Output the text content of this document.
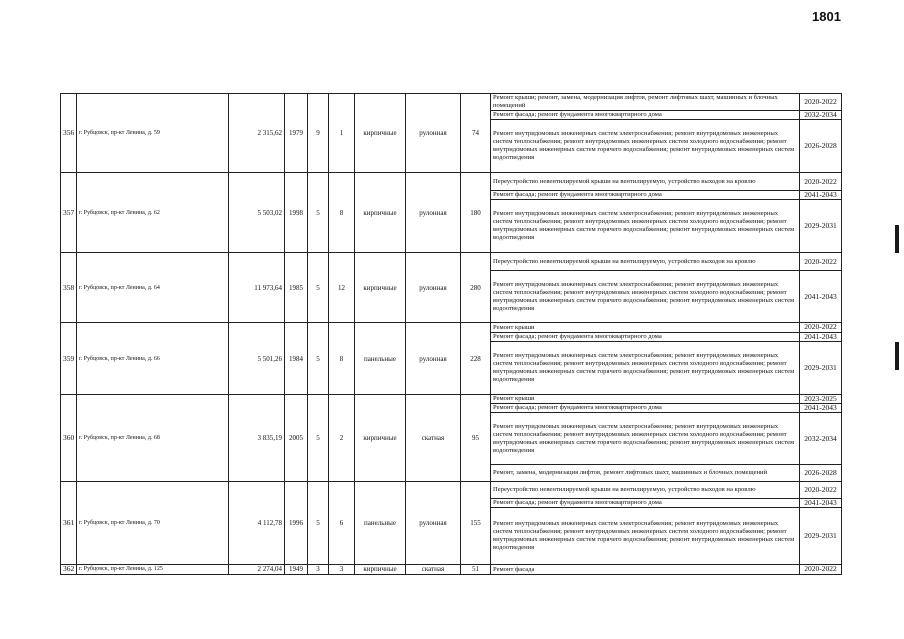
1801
356	г. Рубцовск, пр-кт Ленина, д. 59	2 315,62	1979	9	1	кирпичные	рулонная	74	Ремонт крыши; ремонт, замена, модернизация лифтов, ремонт лифтовых шахт, машинных и блочных помещений	2020-2022
									Ремонт фасада; ремонт фундамента многоквартирного дома	2032-2034
									Ремонт внутридомовых инженерных систем электроснабжения; ремонт внутридомовых инженерных систем теплоснабжения; ремонт внутридомовых инженерных систем холодного водоснабжения; ремонт внутридомовых инженерных систем горячего водоснабжения; ремонт внутридомовых инженерных систем водоотведения	2026-2028
357	г. Рубцовск, пр-кт Ленина, д. 62	5 503,02	1998	5	8	кирпичные	рулонная	180	Переустройство невентилируемой крыши на вентилируемую, устройство выходов на кровлю	2020-2022
									Ремонт фасада; ремонт фундамента многоквартирного дома	2041-2043
									Ремонт внутридомовых инженерных систем электроснабжения; ремонт внутридомовых инженерных систем теплоснабжения; ремонт внутридомовых инженерных систем холодного водоснабжения; ремонт внутридомовых инженерных систем горячего водоснабжения; ремонт внутридомовых инженерных систем водоотведения	2029-2031
358	г. Рубцовск, пр-кт Ленина, д. 64	11 973,64	1985	5	12	кирпичные	рулонная	280	Переустройство невентилируемой крыши на вентилируемую, устройство выходов на кровлю	2020-2022
									Ремонт внутридомовых инженерных систем электроснабжения; ремонт внутридомовых инженерных систем теплоснабжения; ремонт внутридомовых инженерных систем холодного водоснабжения; ремонт внутридомовых инженерных систем горячего водоснабжения; ремонт внутридомовых инженерных систем водоотведения	2041-2043
359	г. Рубцовск, пр-кт Ленина, д. 66	5 501,26	1984	5	8	панельные	рулонная	228	Ремонт крыши	2020-2022
									Ремонт фасада; ремонт фундамента многоквартирного дома	2041-2043
									Ремонт внутридомовых инженерных систем электроснабжения; ремонт внутридомовых инженерных систем теплоснабжения; ремонт внутридомовых инженерных систем холодного водоснабжения; ремонт внутридомовых инженерных систем горячего водоснабжения; ремонт внутридомовых инженерных систем водоотведения	2029-2031
360	г. Рубцовск, пр-кт Ленина, д. 68	3 835,19	2005	5	2	кирпичные	скатная	95	Ремонт крыши	2023-2025
									Ремонт фасада; ремонт фундамента многоквартирного дома	2041-2043
									Ремонт внутридомовых инженерных систем электроснабжения; ремонт внутридомовых инженерных систем теплоснабжения; ремонт внутридомовых инженерных систем холодного водоснабжения; ремонт внутридомовых инженерных систем горячего водоснабжения; ремонт внутридомовых инженерных систем водоотведения	2032-2034
									Ремонт, замена, модернизация лифтов, ремонт лифтовых шахт, машинных и блочных помещений	2026-2028
361	г. Рубцовск, пр-кт Ленина, д. 70	4 112,78	1996	5	6	панельные	рулонная	155	Переустройство невентилируемой крыши на вентилируемую, устройство выходов на кровлю	2020-2022
									Ремонт фасада; ремонт фундамента многоквартирного дома	2041-2043
									Ремонт внутридомовых инженерных систем электроснабжения; ремонт внутридомовых инженерных систем теплоснабжения; ремонт внутридомовых инженерных систем холодного водоснабжения; ремонт внутридомовых инженерных систем горячего водоснабжения; ремонт внутридомовых инженерных систем водоотведения	2029-2031
362	г. Рубцовск, пр-кт Ленина, д. 125	2 274,04	1949	3	3	кирпичные	скатная	51	Ремонт фасада	2020-2022
